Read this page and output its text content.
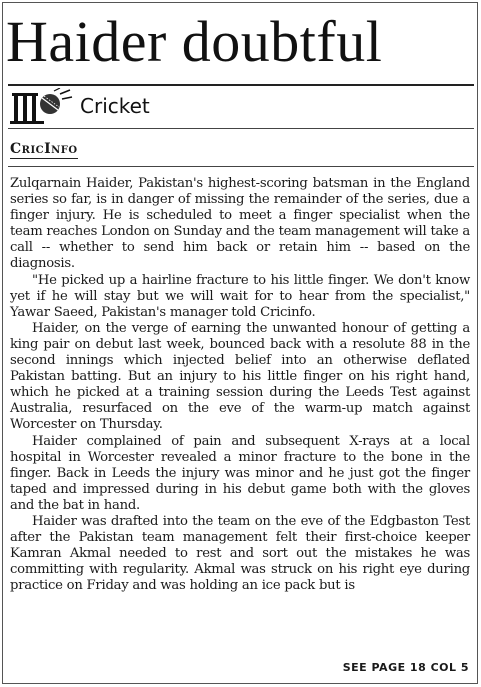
Haider doubtful
Cricket
CricInfo

Zulqarnain Haider, Pakistan's highest-scoring batsman in the England series so far, is in danger of missing the remainder of the series, due a finger injury. He is scheduled to meet a finger specialist when the team reaches London on Sunday and the team management will take a call -- whether to send him back or retain him -- based on the diagnosis.

"He picked up a hairline fracture to his little finger. We don't know yet if he will stay but we will wait for to hear from the specialist," Yawar Saeed, Pakistan's manager told Cricinfo.

Haider, on the verge of earning the unwanted honour of getting a king pair on debut last week, bounced back with a resolute 88 in the second innings which injected belief into an otherwise deflated Pakistan batting. But an injury to his little finger on his right hand, which he picked at a training session during the Leeds Test against Australia, resurfaced on the eve of the warm-up match against Worcester on Thursday.

Haider complained of pain and subsequent X-rays at a local hospital in Worcester revealed a minor fracture to the bone in the finger. Back in Leeds the injury was minor and he just got the finger taped and impressed during in his debut game both with the gloves and the bat in hand.

Haider was drafted into the team on the eve of the Edgbaston Test after the Pakistan team management felt their first-choice keeper Kamran Akmal needed to rest and sort out the mistakes he was committing with regularity. Akmal was struck on his right eye during practice on Friday and was holding an ice pack but is

SEE PAGE 18 COL 5
